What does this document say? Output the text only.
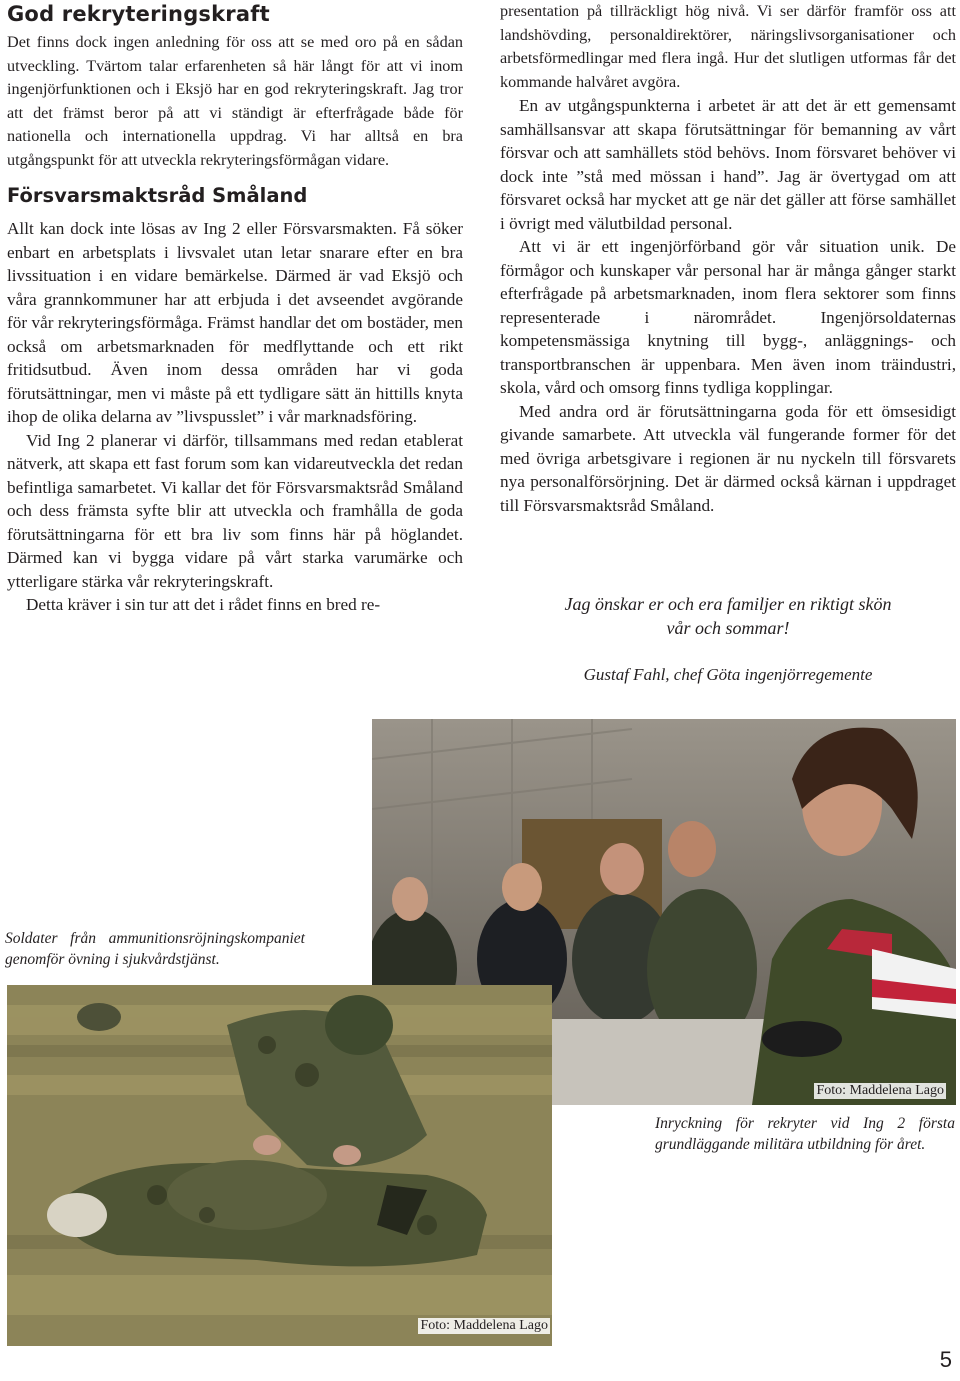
God rekryteringskraft

Det finns dock ingen anledning för oss att se med oro på en sådan utveckling. Tvärtom talar erfarenheten så här långt för att vi inom ingenjörfunktionen och i Eksjö har en god rekryteringskraft. Jag tror att det främst beror på att vi ständigt är efterfrågade både för nationella och internationella uppdrag. Vi har alltså en bra utgångspunkt för att utveckla rekryteringsförmågan vidare.

Försvarsmaktsråd Småland

Allt kan dock inte lösas av Ing 2 eller Försvarsmakten. Få söker enbart en arbetsplats i livsvalet utan letar snarare efter en bra livssituation i en vidare bemärkelse. Därmed är vad Eksjö och våra grannkommuner har att erbjuda i det avseendet avgörande för vår rekryteringsförmåga. Främst handlar det om bostäder, men också om arbetsmarknaden för medflyttande och ett rikt fritidsutbud. Även inom dessa områden har vi goda förutsättningar, men vi måste på ett tydligare sätt än hittills knyta ihop de olika delarna av ”livspusslet” i vår marknadsföring.

Vid Ing 2 planerar vi därför, tillsammans med redan etablerat nätverk, att skapa ett fast forum som kan vidareutveckla det redan befintliga samarbetet. Vi kallar det för Försvarsmaktsråd Småland och dess främsta syfte blir att utveckla och framhålla de goda förutsättningarna för ett bra liv som finns här på höglandet. Därmed kan vi bygga vidare på vårt starka varumärke och ytterligare stärka vår rekryteringskraft.

Detta kräver i sin tur att det i rådet finns en bred re-

presentation på tillräckligt hög nivå. Vi ser därför framför oss att landshövding, personaldirektörer, näringslivsorganisationer och arbetsförmedlingar med flera ingå. Hur det slutligen utformas får det kommande halvåret avgöra.

En av utgångspunkterna i arbetet är att det är ett gemensamt samhällsansvar att skapa förutsättningar för bemanning av vårt försvar och att samhällets stöd behövs. Inom försvaret behöver vi dock inte ”stå med mössan i hand”. Jag är övertygad om att försvaret också har mycket att ge när det gäller att förse samhället i övrigt med välutbildad personal.

Att vi är ett ingenjörförband gör vår situation unik. De förmågor och kunskaper vår personal har är många gånger starkt efterfrågade på arbetsmarknaden, inom flera sektorer som finns representerade i närområdet. Ingenjörsoldaternas kompetensmässiga knytning till bygg-, anläggnings- och transportbranschen är uppenbara. Men även inom träindustri, skola, vård och omsorg finns tydliga kopplingar.

Med andra ord är förutsättningarna goda för ett ömsesidigt givande samarbete. Att utveckla väl fungerande former för det med övriga arbetsgivare i regionen är nu nyckeln till försvarets nya personalförsörjning. Det är därmed också kärnan i uppdraget till Försvarsmaktsråd Småland.

Jag önskar er och era familjer en riktigt skön
vår och sommar!
Gustaf Fahl, chef Göta ingenjörregemente
Foto: Maddelena Lago
Inryckning för rekryter vid Ing 2 första grundläggande militära utbildning för året.
Soldater från ammunitionsröjningskompaniet genomför övning i sjukvårdstjänst.
Foto: Maddelena Lago
5
